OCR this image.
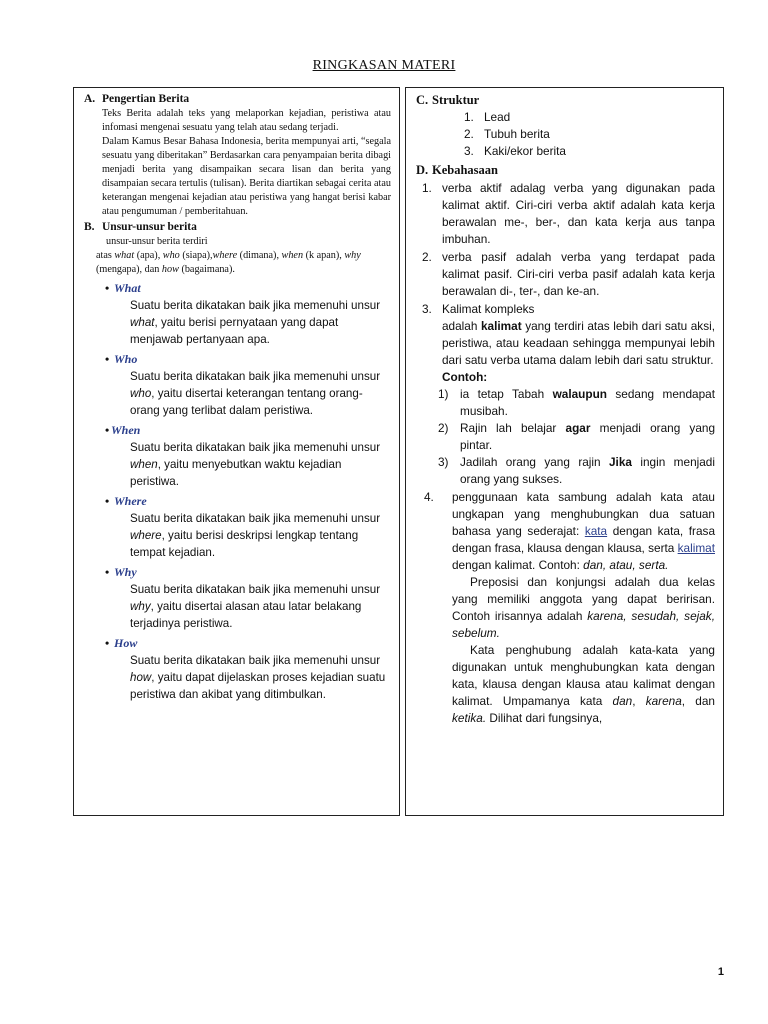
RINGKASAN MATERI
A. Pengertian Berita
Teks Berita adalah teks yang melaporkan kejadian, peristiwa atau infomasi mengenai sesuatu yang telah atau sedang terjadi.
Dalam Kamus Besar Bahasa Indonesia, berita mempunyai arti, “segala sesuatu yang diberitakan” Berdasarkan cara penyampaian berita dibagi menjadi berita yang disampaikan secara lisan dan berita yang disampaian secara tertulis (tulisan). Berita diartikan sebagai cerita atau keterangan mengenai kejadian atau peristiwa yang hangat berisi kabar atau pengumuman / pemberitahuan.
B. Unsur-unsur berita
unsur-unsur berita terdiri
atas what (apa), who (siapa),where (dimana), when (k apan), why (mengapa), dan how (bagaimana).
• What
Suatu berita dikatakan baik jika memenuhi unsur what, yaitu berisi pernyataan yang dapat menjawab pertanyaan apa.
• Who
Suatu berita dikatakan baik jika memenuhi unsur who, yaitu disertai keterangan tentang orang-orang yang terlibat dalam peristiwa.
• When
Suatu berita dikatakan baik jika memenuhi unsur when, yaitu menyebutkan waktu kejadian peristiwa.
• Where
Suatu berita dikatakan baik jika memenuhi unsur where, yaitu berisi deskripsi lengkap tentang tempat kejadian.
• Why
Suatu berita dikatakan baik jika memenuhi unsur why, yaitu disertai alasan atau latar belakang terjadinya peristiwa.
• How
Suatu berita dikatakan baik jika memenuhi unsur how, yaitu dapat dijelaskan proses kejadian suatu peristiwa dan akibat yang ditimbulkan.
C. Struktur
1. Lead
2. Tubuh berita
3. Kaki/ekor berita
D. Kebahasaan
1. verba aktif adalag verba yang digunakan pada kalimat aktif. Ciri-ciri verba aktif adalah kata kerja berawalan me-, ber-, dan kata kerja aus tanpa imbuhan.
2. verba pasif adalah verba yang terdapat pada kalimat pasif. Ciri-ciri verba pasif adalah kata kerja berawalan di-, ter-, dan ke-an.
3. Kalimat kompleks
adalah kalimat yang terdiri atas lebih dari satu aksi, peristiwa, atau keadaan sehingga mempunyai lebih dari satu verba utama dalam lebih dari satu struktur.
Contoh:
1) ia tetap Tabah walaupun sedang mendapat musibah.
2) Rajin lah belajar agar menjadi orang yang pintar.
3) Jadilah orang yang rajin Jika ingin menjadi orang yang sukses.
4. penggunaan kata sambung adalah kata atau ungkapan yang menghubungkan dua satuan bahasa yang sederajat: kata dengan kata, frasa dengan frasa, klausa dengan klausa, serta kalimat dengan kalimat. Contoh: dan, atau, serta.
Preposisi dan konjungsi adalah dua kelas yang memiliki anggota yang dapat beririsan. Contoh irisannya adalah karena, sesudah, sejak, sebelum.
Kata penghubung adalah kata-kata yang digunakan untuk menghubungkan kata dengan kata, klausa dengan klausa atau kalimat dengan kalimat. Umpamanya kata dan, karena, dan ketika. Dilihat dari fungsinya,
1
